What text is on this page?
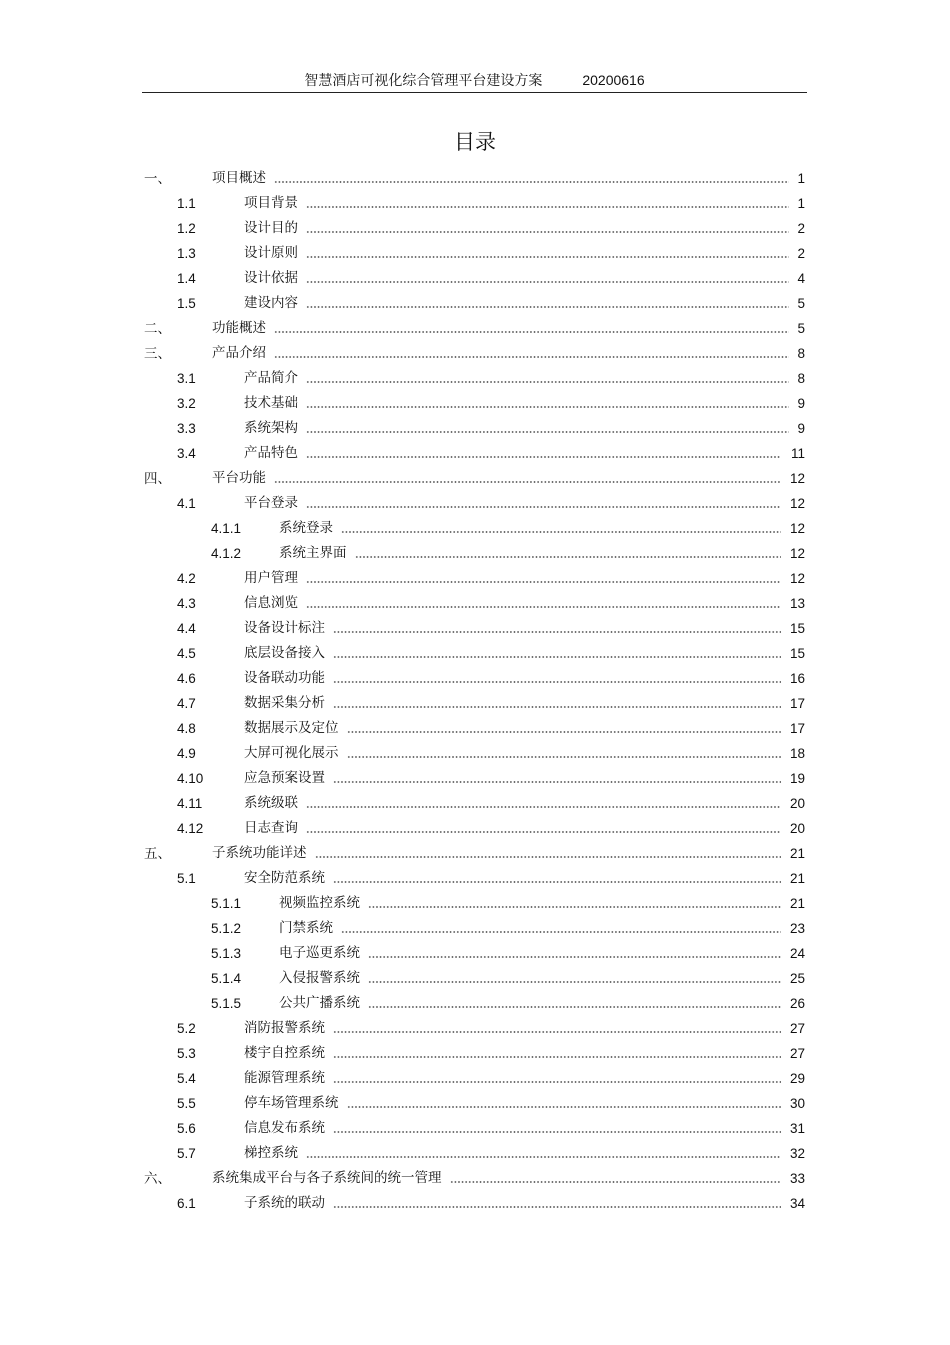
智慧酒店可视化综合管理平台建设方案	20200616
目录
一、	项目概述	1
1.1	项目背景	1
1.2	设计目的	2
1.3	设计原则	2
1.4	设计依据	4
1.5	建设内容	5
二、	功能概述	5
三、	产品介绍	8
3.1	产品简介	8
3.2	技术基础	9
3.3	系统架构	9
3.4	产品特色	11
四、	平台功能	12
4.1	平台登录	12
4.1.1	系统登录	12
4.1.2	系统主界面	12
4.2	用户管理	12
4.3	信息浏览	13
4.4	设备设计标注	15
4.5	底层设备接入	15
4.6	设备联动功能	16
4.7	数据采集分析	17
4.8	数据展示及定位	17
4.9	大屏可视化展示	18
4.10	应急预案设置	19
4.11	系统级联	20
4.12	日志查询	20
五、	子系统功能详述	21
5.1	安全防范系统	21
5.1.1	视频监控系统	21
5.1.2	门禁系统	23
5.1.3	电子巡更系统	24
5.1.4	入侵报警系统	25
5.1.5	公共广播系统	26
5.2	消防报警系统	27
5.3	楼宇自控系统	27
5.4	能源管理系统	29
5.5	停车场管理系统	30
5.6	信息发布系统	31
5.7	梯控系统	32
六、	系统集成平台与各子系统间的统一管理	33
6.1	子系统的联动	34
